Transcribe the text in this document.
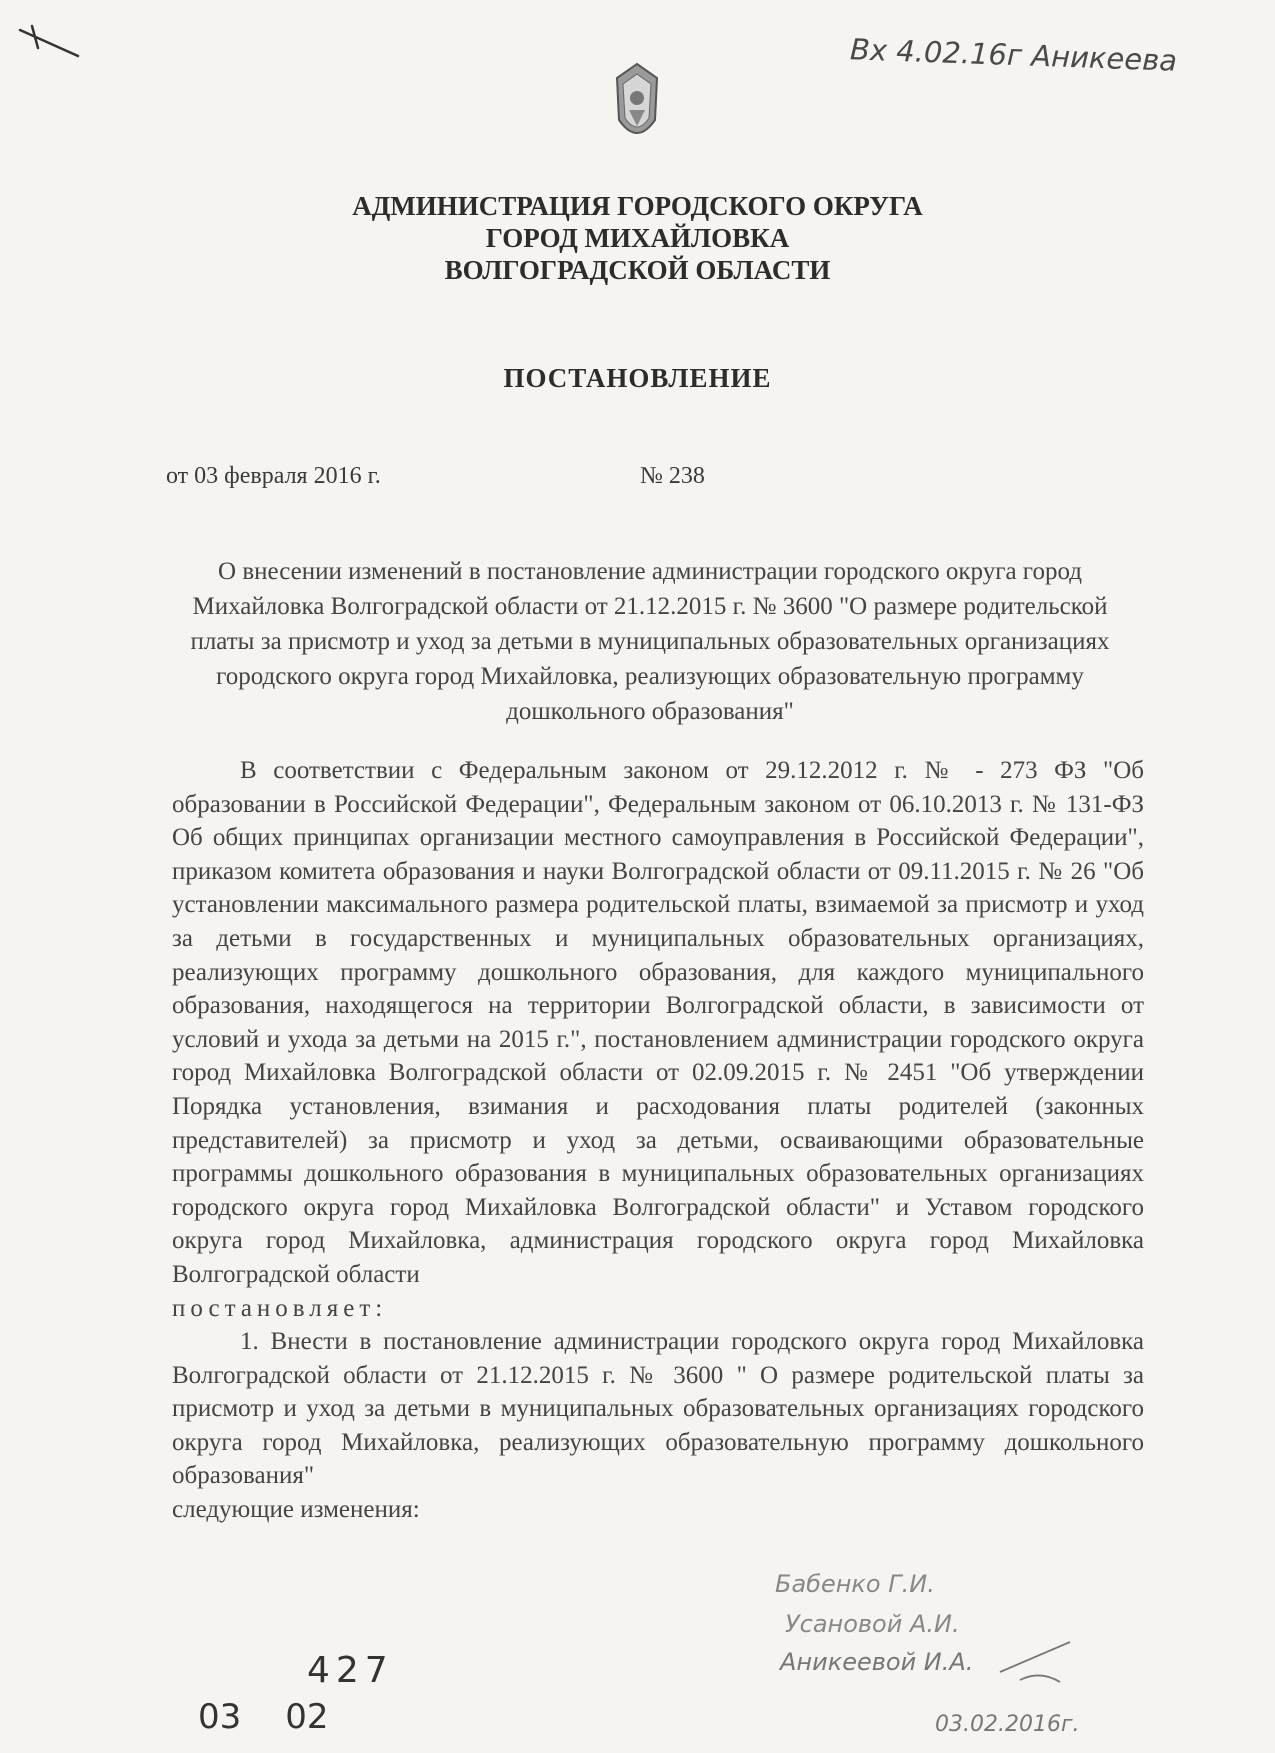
Вх 4.02.16г Аникеева
АДМИНИСТРАЦИЯ ГОРОДСКОГО ОКРУГА
ГОРОД МИХАЙЛОВКА
ВОЛГОГРАДСКОЙ ОБЛАСТИ
ПОСТАНОВЛЕНИЕ
от 03 февраля 2016 г.	№ 238
О внесении изменений в постановление администрации городского округа город Михайловка Волгоградской области от 21.12.2015 г. № 3600 "О размере родительской платы за присмотр и уход за детьми в муниципальных образовательных организациях городского округа город Михайловка, реализующих образовательную программу дошкольного образования"

В соответствии с Федеральным законом от 29.12.2012 г. № - 273 ФЗ "Об образовании в Российской Федерации", Федеральным законом от 06.10.2013 г. № 131-ФЗ Об общих принципах организации местного самоуправления в Российской Федерации", приказом комитета образования и науки Волгоградской области от 09.11.2015 г. № 26 "Об установлении максимального размера родительской платы, взимаемой за присмотр и уход за детьми в государственных и муниципальных образовательных организациях, реализующих программу дошкольного образования, для каждого муниципального образования, находящегося на территории Волгоградской области, в зависимости от условий и ухода за детьми на 2015 г.", постановлением администрации городского округа город Михайловка Волгоградской области от 02.09.2015 г. № 2451 "Об утверждении Порядка установления, взимания и расходования платы родителей (законных представителей) за присмотр и уход за детьми, осваивающими образовательные программы дошкольного образования в муниципальных образовательных организациях городского округа город Михайловка Волгоградской области" и Уставом городского округа город Михайловка, администрация городского округа город Михайловка Волгоградской области

постановляет:

1. Внести в постановление администрации городского округа город Михайловка Волгоградской области от 21.12.2015 г. № 3600 " О размере родительской платы за присмотр и уход за детьми в муниципальных образовательных организациях городского округа город Михайловка, реализующих образовательную программу дошкольного образования"

следующие изменения:

Бабенко Г.И.
Усановой А.И.
Аникеевой И.А.
03.02.2016г.
427
03 02
